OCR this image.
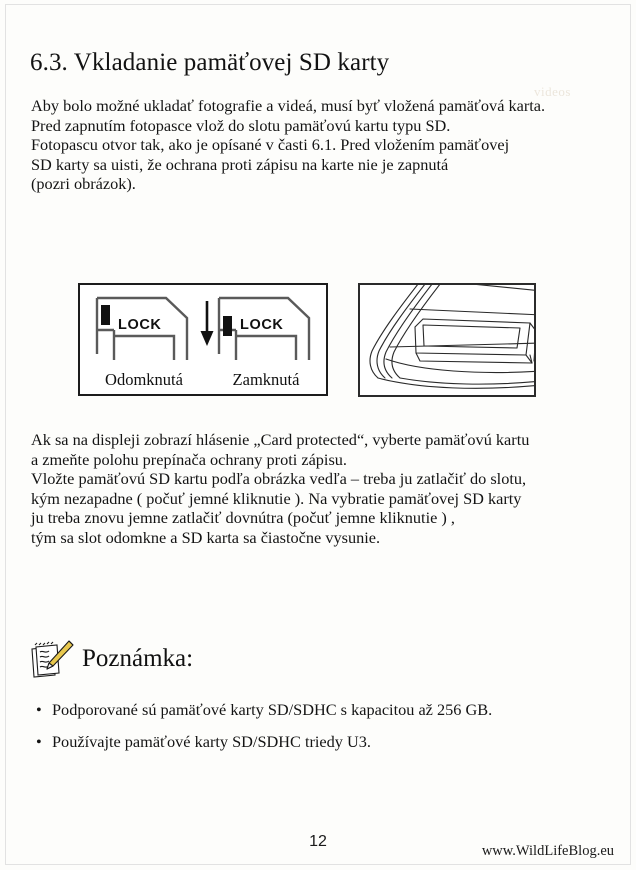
videos
6.3. Vkladanie pamäťovej SD karty
Aby bolo možné ukladať fotografie a videá, musí byť vložená pamäťová karta.
Pred zapnutím fotopasce vlož do slotu pamäťovú kartu typu SD.
Fotopascu otvor tak, ako je opísané v časti 6.1. Pred vložením pamäťovej
SD karty sa uisti, že ochrana proti zápisu na karte nie je zapnutá
(pozri obrázok).
LOCK
Odomknutá
LOCK
Zamknutá
Ak sa na displeji zobrazí hlásenie „Card protected“, vyberte pamäťovú kartu
a zmeňte polohu prepínača ochrany proti zápisu.
Vložte pamäťovú SD kartu podľa obrázka vedľa – treba ju zatlačiť do slotu,
kým nezapadne ( počuť jemné kliknutie ). Na vybratie pamäťovej SD karty
ju treba znovu jemne zatlačiť dovnútra (počuť jemne kliknutie ) ,
tým sa slot odomkne a SD karta sa čiastočne vysunie.
Poznámka:
• Podporované sú pamäťové karty SD/SDHC s kapacitou až 256 GB.
• Používajte pamäťové karty SD/SDHC triedy U3.
12
www.WildLifeBlog.eu
